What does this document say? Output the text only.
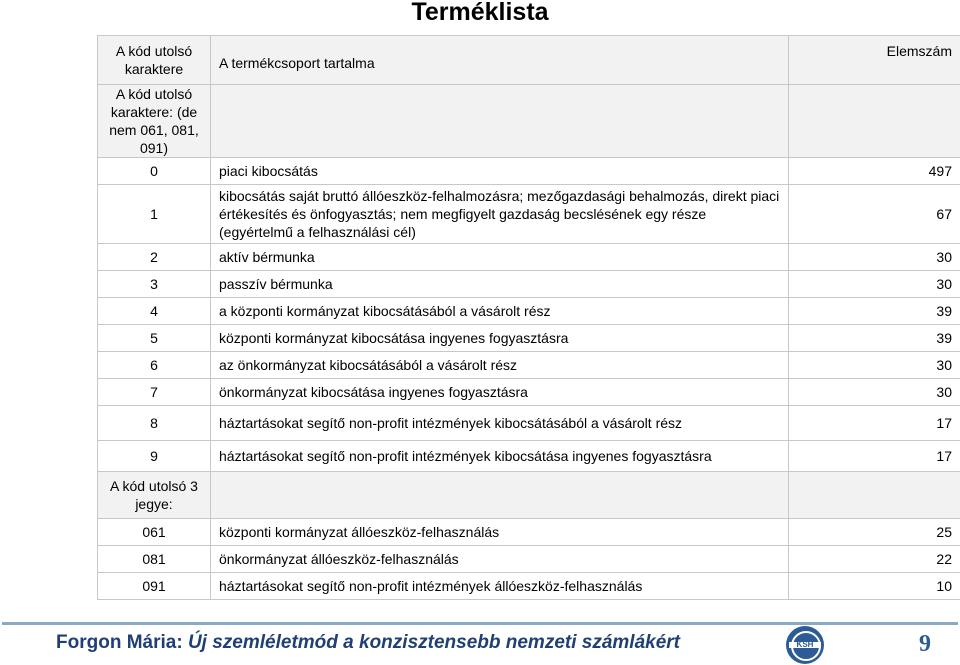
Terméklista
A kód utolsó karaktere	A termékcsoport tartalma	Elemszám
A kód utolsó karaktere: (de nem 061, 081, 091)		
0	piaci kibocsátás	497
1	kibocsátás saját bruttó állóeszköz-felhalmozásra; mezőgazdasági behalmozás, direkt piaci értékesítés és önfogyasztás; nem megfigyelt gazdaság becslésének egy része (egyértelmű a felhasználási cél)	67
2	aktív bérmunka	30
3	passzív bérmunka	30
4	a központi kormányzat kibocsátásából a vásárolt rész	39
5	központi kormányzat kibocsátása ingyenes fogyasztásra	39
6	az önkormányzat kibocsátásából a vásárolt rész	30
7	önkormányzat kibocsátása ingyenes fogyasztásra	30
8	háztartásokat segítő non-profit intézmények kibocsátásából a vásárolt rész	17
9	háztartásokat segítő non-profit intézmények kibocsátása ingyenes fogyasztásra	17
A kód utolsó 3 jegye:		
061	központi kormányzat állóeszköz-felhasználás	25
081	önkormányzat állóeszköz-felhasználás	22
091	háztartásokat segítő non-profit intézmények állóeszköz-felhasználás	10
Forgon Mária: Új szemléletmód a konzisztensebb nemzeti számlákért	KSH	9
